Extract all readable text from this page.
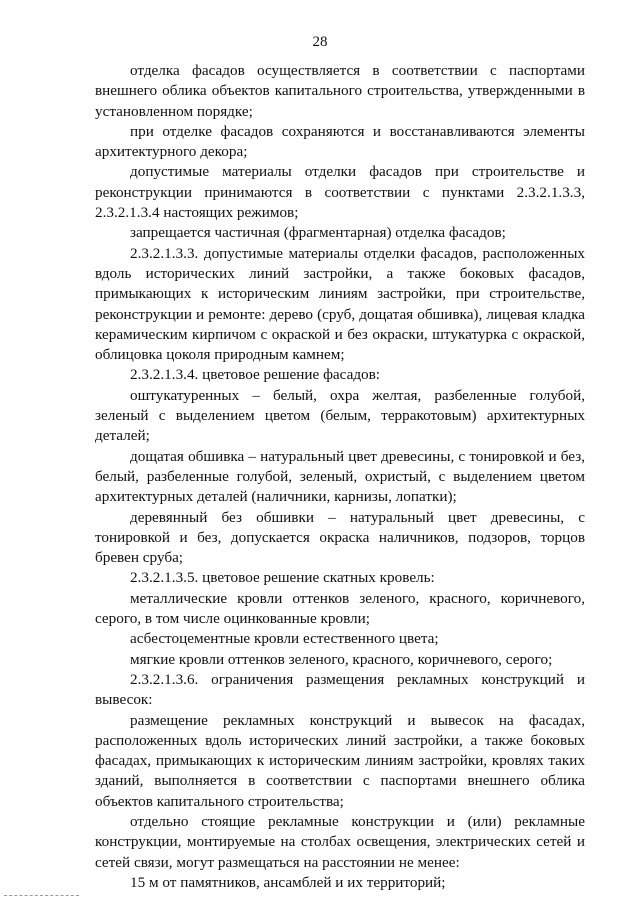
28

отделка фасадов осуществляется в соответствии с паспортами внешнего облика объектов капитального строительства, утвержденными в установленном порядке;

при отделке фасадов сохраняются и восстанавливаются элементы архитектурного декора;

допустимые материалы отделки фасадов при строительстве и реконструкции принимаются в соответствии с пунктами 2.3.2.1.3.3, 2.3.2.1.3.4 настоящих режимов;

запрещается частичная (фрагментарная) отделка фасадов;

2.3.2.1.3.3. допустимые материалы отделки фасадов, расположенных вдоль исторических линий застройки, а также боковых фасадов, примыкающих к историческим линиям застройки, при строительстве, реконструкции и ремонте: дерево (сруб, дощатая обшивка), лицевая кладка керамическим кирпичом с окраской и без окраски, штукатурка с окраской, облицовка цоколя природным камнем;

2.3.2.1.3.4. цветовое решение фасадов:

оштукатуренных – белый, охра желтая, разбеленные голубой, зеленый с выделением цветом (белым, терракотовым) архитектурных деталей;

дощатая обшивка – натуральный цвет древесины, с тонировкой и без, белый, разбеленные голубой, зеленый, охристый, с выделением цветом архитектурных деталей (наличники, карнизы, лопатки);

деревянный без обшивки – натуральный цвет древесины, с тонировкой и без, допускается окраска наличников, подзоров, торцов бревен сруба;

2.3.2.1.3.5. цветовое решение скатных кровель:

металлические кровли оттенков зеленого, красного, коричневого, серого, в том числе оцинкованные кровли;

асбестоцементные кровли естественного цвета;

мягкие кровли оттенков зеленого, красного, коричневого, серого;

2.3.2.1.3.6. ограничения размещения рекламных конструкций и вывесок:

размещение рекламных конструкций и вывесок на фасадах, расположенных вдоль исторических линий застройки, а также боковых фасадах, примыкающих к историческим линиям застройки, кровлях таких зданий, выполняется в соответствии с паспортами внешнего облика объектов капитального строительства;

отдельно стоящие рекламные конструкции и (или) рекламные конструкции, монтируемые на столбах освещения, электрических сетей и сетей связи, могут размещаться на расстоянии не менее:

15 м от памятников, ансамблей и их территорий;
